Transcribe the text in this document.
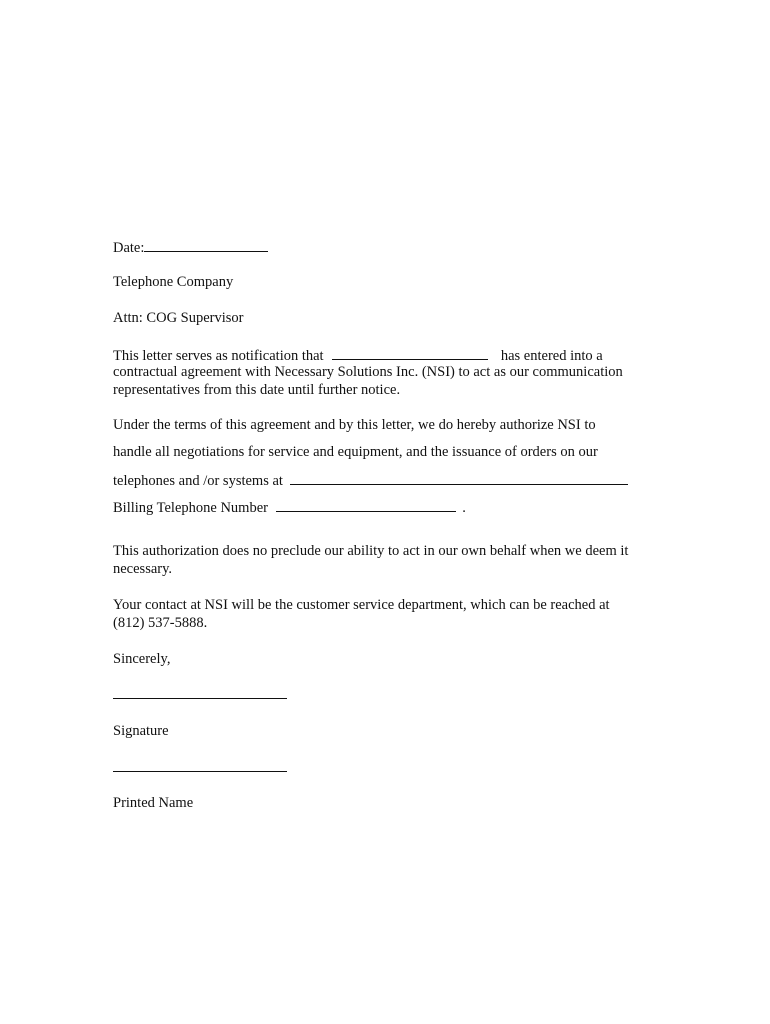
Date:
Telephone Company
Attn: COG Supervisor
This letter serves as notification that	has entered into a
contractual agreement with Necessary Solutions Inc. (NSI) to act as our communication
representatives from this date until further notice.
Under the terms of this agreement and by this letter, we do hereby authorize NSI to
handle all negotiations for service and equipment, and the issuance of orders on our
telephones and /or systems at
Billing Telephone Number	.
This authorization does no preclude our ability to act in our own behalf when we deem it
necessary.
Your contact at NSI will be the customer service department, which can be reached at
(812) 537-5888.
Sincerely,
Signature
Printed Name
